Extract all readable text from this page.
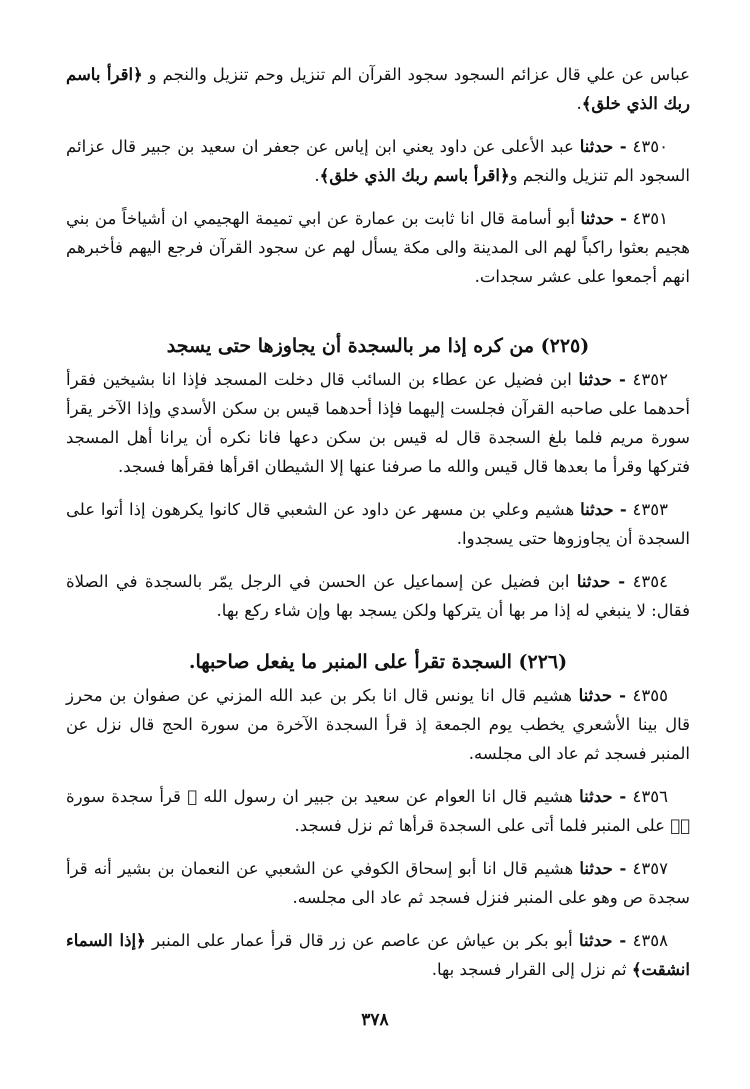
عباس عن علي قال عزائم السجود سجود القرآن الم تنزيل وحم تنزيل والنجم و ﴿اقرأ باسم ربك الذي خلق﴾.

٤٣٥٠ - حدثنا عبد الأعلى عن داود يعني ابن إياس عن جعفر ان سعيد بن جبير قال عزائم السجود الم تنزيل والنجم و﴿اقرأ باسم ربك الذي خلق﴾.

٤٣٥١ - حدثنا أبو أسامة قال انا ثابت بن عمارة عن ابي تميمة الهجيمي ان أشياخاً من بني هجيم بعثوا راكباً لهم الى المدينة والى مكة يسأل لهم عن سجود القرآن فرجع اليهم فأخبرهم انهم أجمعوا على عشر سجدات.

(٢٢٥) من كره إذا مر بالسجدة أن يجاوزها حتى يسجد

٤٣٥٢ - حدثنا ابن فضيل عن عطاء بن السائب قال دخلت المسجد فإذا انا بشيخين فقرأ أحدهما على صاحبه القرآن فجلست إليهما فإذا أحدهما قيس بن سكن الأسدي وإذا الآخر يقرأ سورة مريم فلما بلغ السجدة قال له قيس بن سكن دعها فانا نكره أن يرانا أهل المسجد فتركها وقرأ ما بعدها قال قيس والله ما صرفنا عنها إلا الشيطان اقرأها فقرأها فسجد.

٤٣٥٣ - حدثنا هشيم وعلي بن مسهر عن داود عن الشعبي قال كانوا يكرهون إذا أتوا على السجدة أن يجاوزوها حتى يسجدوا.

٤٣٥٤ - حدثنا ابن فضيل عن إسماعيل عن الحسن في الرجل يمّر بالسجدة في الصلاة فقال: لا ينبغي له إذا مر بها أن يتركها ولكن يسجد بها وإن شاء ركع بها.

(٢٢٦) السجدة تقرأ على المنبر ما يفعل صاحبها.

٤٣٥٥ - حدثنا هشيم قال انا يونس قال انا بكر بن عبد الله المزني عن صفوان بن محرز قال بينا الأشعري يخطب يوم الجمعة إذ قرأ السجدة الآخرة من سورة الحج قال نزل عن المنبر فسجد ثم عاد الى مجلسه.

٤٣٥٦ - حدثنا هشيم قال انا العوام عن سعيد بن جبير ان رسول الله ﷺ قرأ سجدة سورة صۤ على المنبر فلما أتى على السجدة قرأها ثم نزل فسجد.

٤٣٥٧ - حدثنا هشيم قال انا أبو إسحاق الكوفي عن الشعبي عن النعمان بن بشير أنه قرأ سجدة ص وهو على المنبر فنزل فسجد ثم عاد الى مجلسه.

٤٣٥٨ - حدثنا أبو بكر بن عياش عن عاصم عن زر قال قرأ عمار على المنبر ﴿إذا السماء انشقت﴾ ثم نزل إلى القرار فسجد بها.

٣٧٨
